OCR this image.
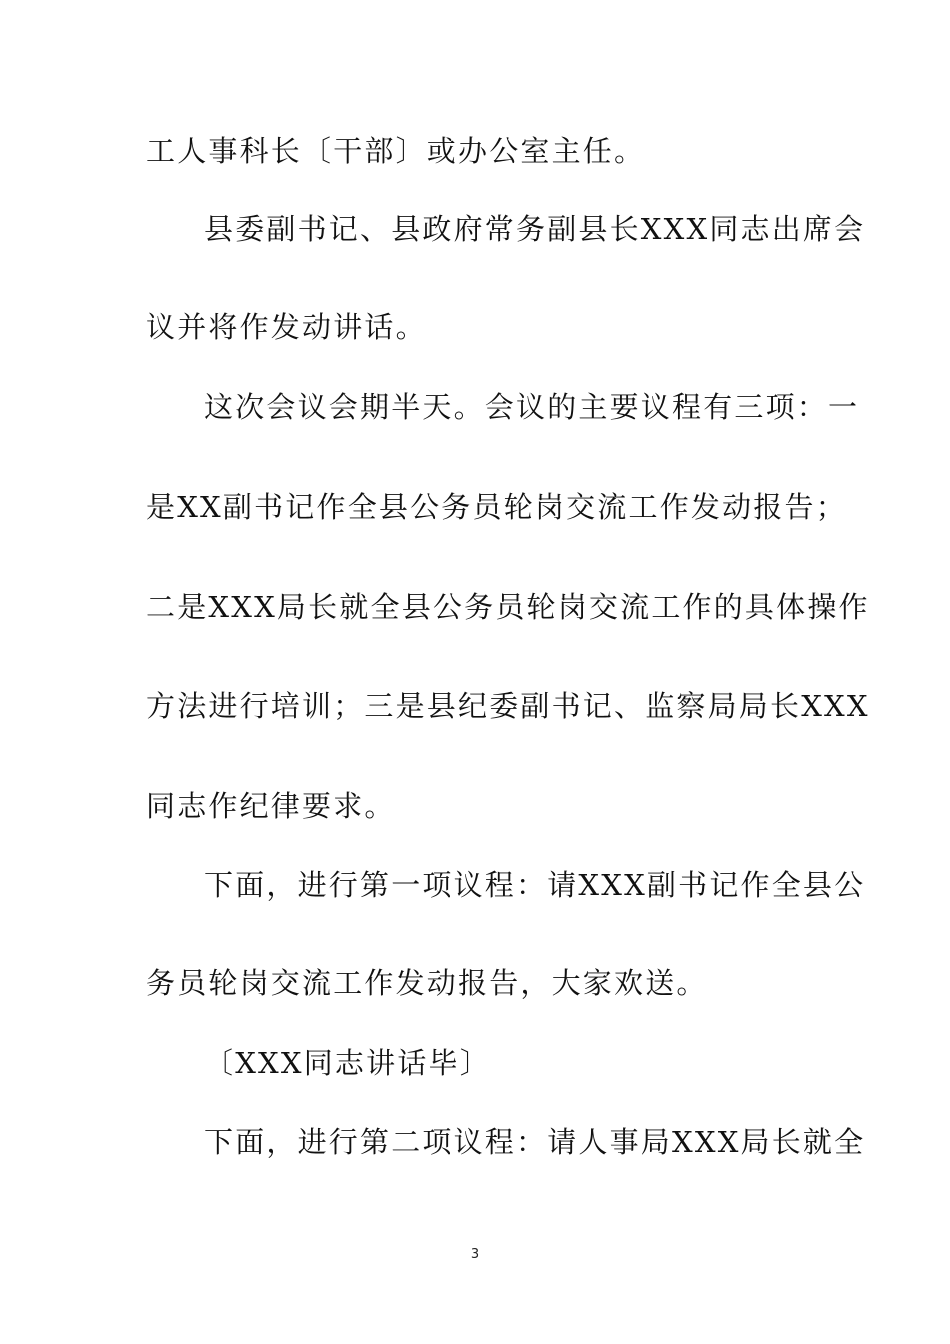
工人事科长〔干部〕或办公室主任。
县委副书记、县政府常务副县长XXX同志出席会
议并将作发动讲话。
这次会议会期半天。会议的主要议程有三项：一
是XX副书记作全县公务员轮岗交流工作发动报告；
二是XXX局长就全县公务员轮岗交流工作的具体操作
方法进行培训；三是县纪委副书记、监察局局长XXX
同志作纪律要求。
下面，进行第一项议程：请XXX副书记作全县公
务员轮岗交流工作发动报告，大家欢送。
〔XXX同志讲话毕〕
下面，进行第二项议程：请人事局XXX局长就全
3
